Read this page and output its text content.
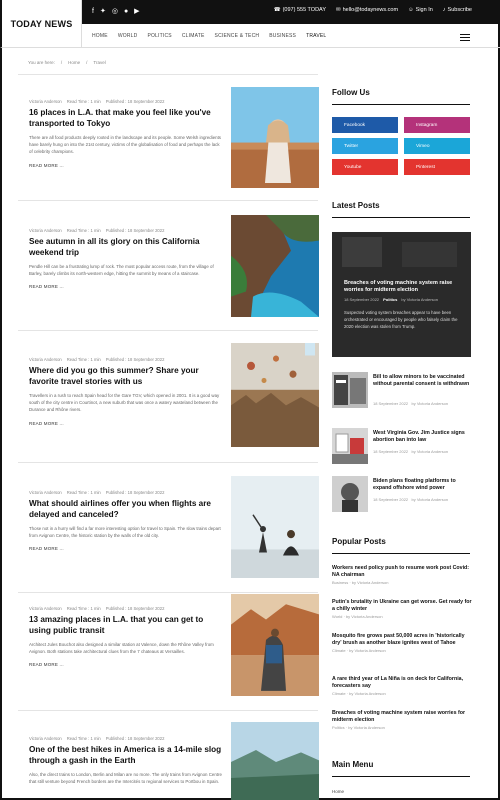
f ✦ ◎ ● ▶	☎ (097) 555 TODAY ✉ hello@todaynews.com ☺ Sign In ♪ Subscribe
TODAY NEWS
HOME WORLD POLITICS CLIMATE SCIENCE & TECH BUSINESS TRAVEL
You are here: / Home / Travel
Victoria Anderson Read Time : 1 min Published : 18 September 2022
16 places in L.A. that make you feel like you've transported to Tokyo
There are all food products deeply rooted in the landscape and its people. Some Welsh ingredients have barely hung on into the 21st century, victims of the globalisation of food and perhaps the lack of celebrity champions.
READ MORE ...
Victoria Anderson Read Time : 1 min Published : 18 September 2022
See autumn in all its glory on this California weekend trip
Pendle Hill can be a frustrating lump of rock. The most popular access route, from the village of Barley, barely climbs its north-western edge, hitting the summit by means of a staircase.
READ MORE ...
Victoria Anderson Read Time : 1 min Published : 18 September 2022
Where did you go this summer? Share your favorite travel stories with us
Travellers in a rush to reach Spain head for the Gare TGV, which opened in 2001. It is a good way south of the city centre in Courtinot, a new suburb that was once a watery wasteland between the Durance and Rhône rivers.
READ MORE ...
Victoria Anderson Read Time : 1 min Published : 18 September 2022
What should airlines offer you when flights are delayed and canceled?
Those not in a hurry will find a far more interesting option for travel to Spain. The slow trains depart from Avignon Centre, the historic station by the walls of the old city.
READ MORE ...
Victoria Anderson Read Time : 1 min Published : 18 September 2022
13 amazing places in L.A. that you can get to using public transit
Architect Jules Bouchot also designed a similar station at Valence, down the Rhône Valley from Avignon. Both stations take architectural clues from the 7 chateaus at Versailles.
READ MORE ...
Victoria Anderson Read Time : 1 min Published : 18 September 2022
One of the best hikes in America is a 14-mile slog through a gash in the Earth
Also, the direct trains to London, Berlin and Milan are no more. The only trains from Avignon Centre that still venture beyond French borders are the Intercités to regional services to Portbou in Spain.
Follow Us
Facebook	Instagram
Twitter	Vimeo
Youtube	Pinterest
Latest Posts
Breaches of voting machine system raise worries for midterm election
18 September 2022 Politics by Victoria Anderson
Suspected voting system breaches appear to have been orchestrated or encouraged by people who falsely claim the 2020 election was stolen from Trump.
Bill to allow minors to be vaccinated without parental consent is withdrawn
18 September 2022 by Victoria Anderson
West Virginia Gov. Jim Justice signs abortion ban into law
18 September 2022 by Victoria Anderson
Biden plans floating platforms to expand offshore wind power
18 September 2022 by Victoria Anderson
Popular Posts
Workers need policy push to resume work post Covid: NA chairman
Business · by Victoria Anderson
Putin's brutality in Ukraine can get worse. Get ready for a chilly winter
World · by Victoria Anderson
Mosquito fire grows past 50,000 acres in 'historically dry' brush as another blaze ignites west of Tahoe
Climate · by Victoria Anderson
A rare third year of La Niña is on deck for California, forecasters say
Climate · by Victoria Anderson
Breaches of voting machine system raise worries for midterm election
Politics · by Victoria Anderson
Main Menu
Home
